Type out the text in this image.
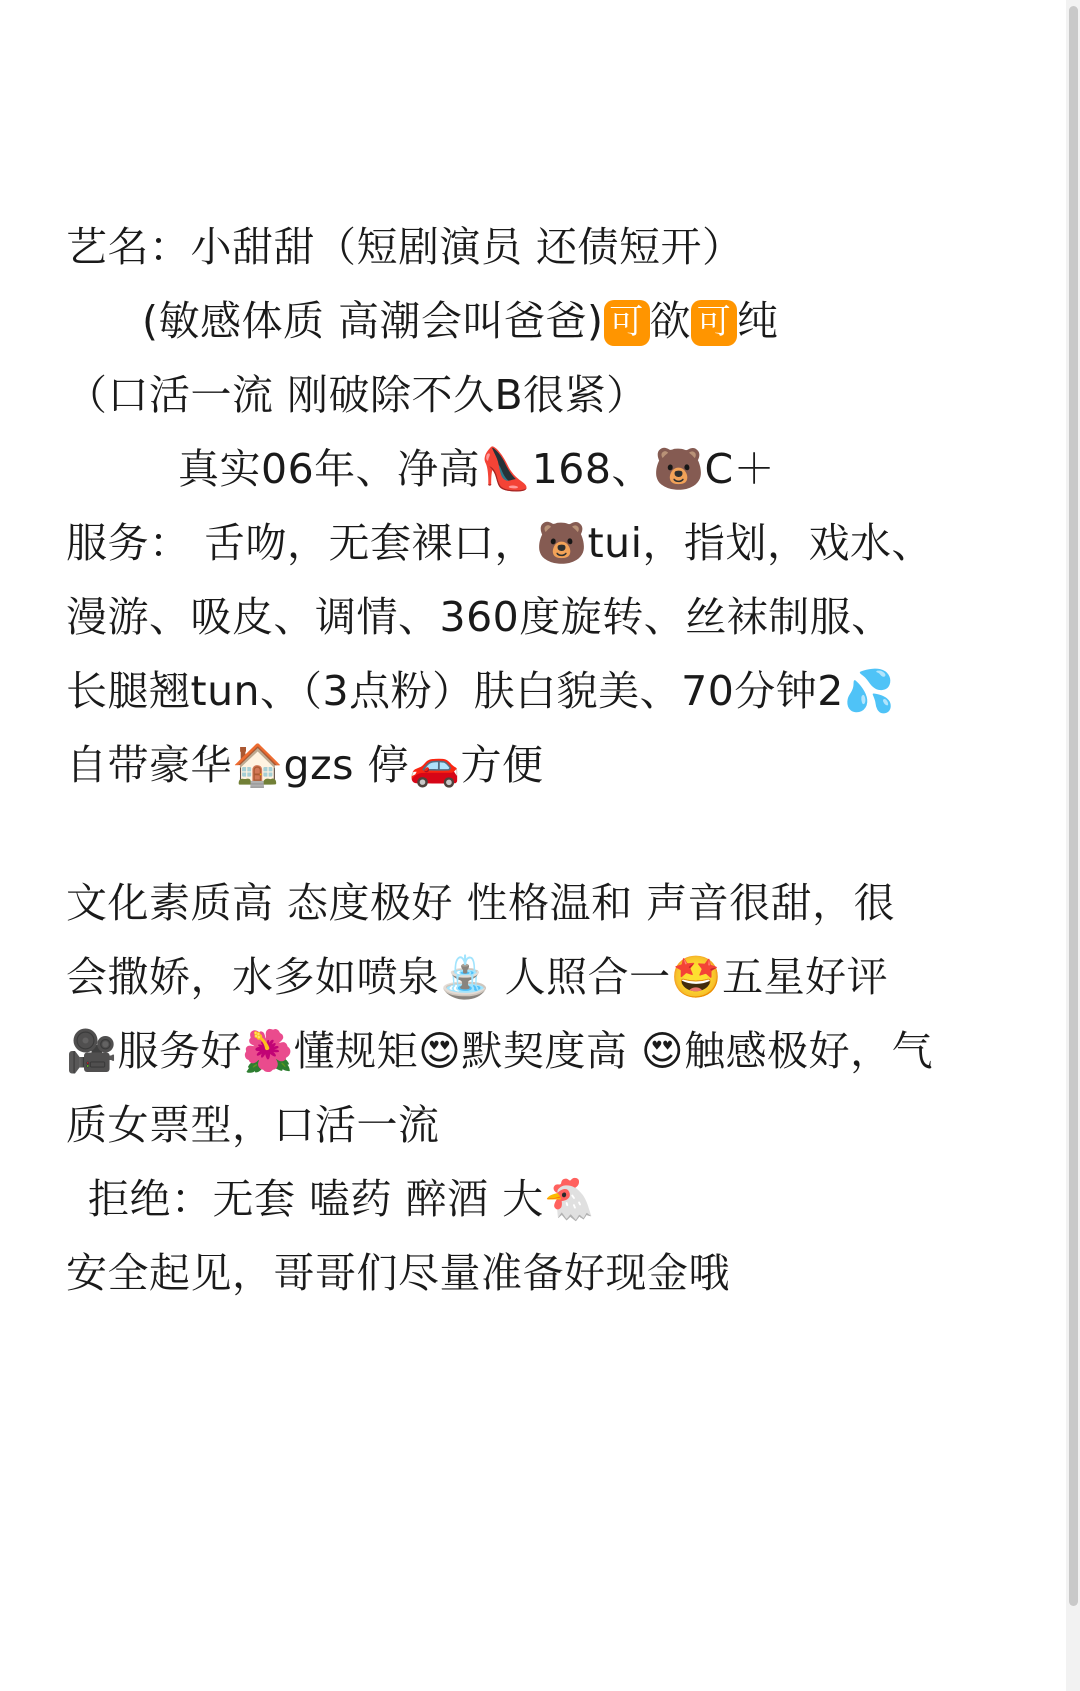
艺名：小甜甜（短剧演员 还债短开）
(敏感体质 高潮会叫爸爸) 可 欲 可 纯
（口活一流 刚破除不久B很紧）
真实06年、净高👠168、🐻C＋
服务： 舌吻，无套裸口，🐻tui，指划，戏水、漫游、吸皮、调情、360度旋转、丝袜制服、长腿翘tun、（3点粉）肤白貌美、70分钟2💦 自带豪华🏠gzs 停🚗方便
文化素质高 态度极好 性格温和 声音很甜，很会撒娇，水多如喷泉⛲ 人照合一🤩五星好评🎥服务好🌺懂规矩😍默契度高 😍触感极好，气质女票型，口活一流
拒绝：无套 嗑药 醉酒 大🐔
安全起见，哥哥们尽量准备好现金哦
